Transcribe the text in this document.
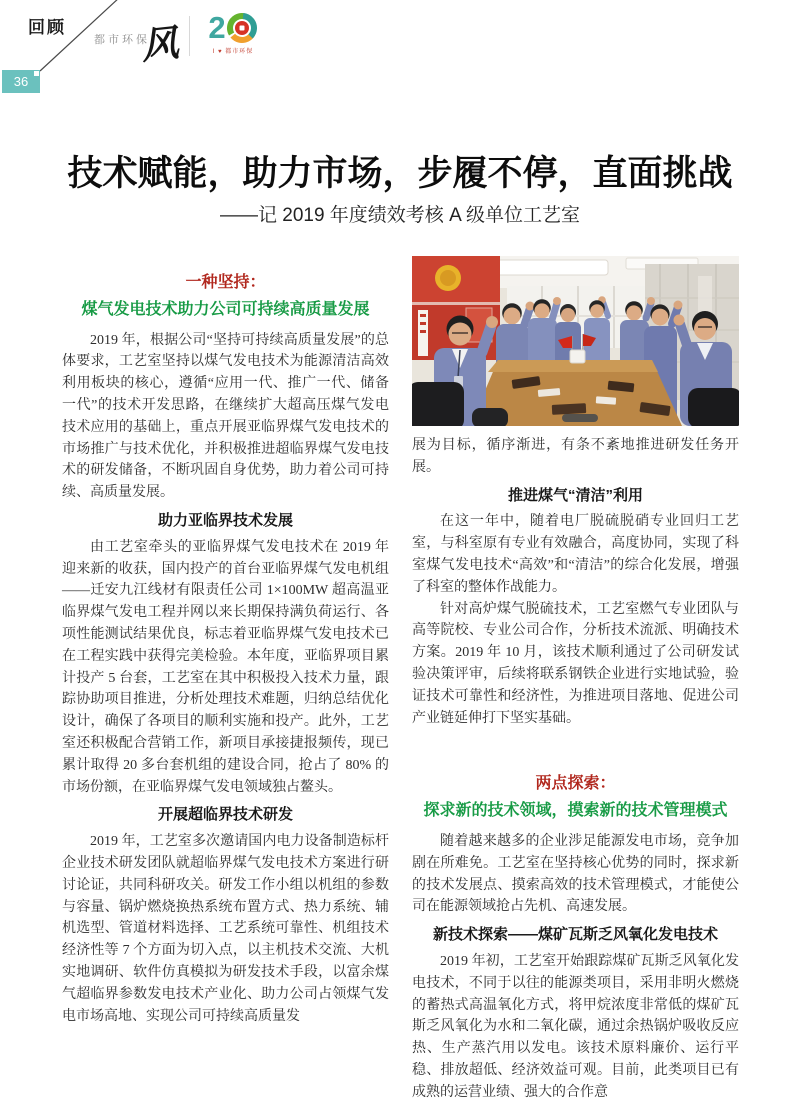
回顾
都市环保
风 2
I ♥ 都市环保
36
技术赋能，助力市场，步履不停，直面挑战
——记 2019 年度绩效考核 A 级单位工艺室

一种坚持：

煤气发电技术助力公司可持续高质量发展

2019 年，根据公司“坚持可持续高质量发展”的总体要求，工艺室坚持以煤气发电技术为能源清洁高效利用板块的核心，遵循“应用一代、推广一代、储备一代”的技术开发思路，在继续扩大超高压煤气发电技术应用的基础上，重点开展亚临界煤气发电技术的市场推广与技术优化，并积极推进超临界煤气发电技术的研发储备，不断巩固自身优势，助力着公司可持续、高质量发展。

助力亚临界技术发展

由工艺室牵头的亚临界煤气发电技术在 2019 年迎来新的收获，国内投产的首台亚临界煤气发电机组——迁安九江线材有限责任公司 1×100MW 超高温亚临界煤气发电工程并网以来长期保持满负荷运行、各项性能测试结果优良，标志着亚临界煤气发电技术已在工程实践中获得完美检验。本年度，亚临界项目累计投产 5 台套，工艺室在其中积极投入技术力量，跟踪协助项目推进，分析处理技术难题，归纳总结优化设计，确保了各项目的顺利实施和投产。此外，工艺室还积极配合营销工作，新项目承接捷报频传，现已累计取得 20 多台套机组的建设合同，抢占了 80% 的市场份额，在亚临界煤气发电领域独占鳌头。

开展超临界技术研发

2019 年，工艺室多次邀请国内电力设备制造标杆企业技术研发团队就超临界煤气发电技术方案进行研讨论证，共同科研攻关。研发工作小组以机组的参数与容量、锅炉燃烧换热系统布置方式、热力系统、辅机选型、管道材料选择、工艺系统可靠性、机组技术经济性等 7 个方面为切入点，以主机技术交流、大机实地调研、软件仿真模拟为研发技术手段，以富余煤气超临界参数发电技术产业化、助力公司占领煤气发电市场高地、实现公司可持续高质量发

展为目标，循序渐进，有条不紊地推进研发任务开展。

推进煤气“清洁”利用

在这一年中，随着电厂脱硫脱硝专业回归工艺室，与科室原有专业有效融合，高度协同，实现了科室煤气发电技术“高效”和“清洁”的综合化发展，增强了科室的整体作战能力。

针对高炉煤气脱硫技术，工艺室燃气专业团队与高等院校、专业公司合作，分析技术流派、明确技术方案。2019 年 10 月，该技术顺利通过了公司研发试验决策评审，后续将联系钢铁企业进行实地试验，验证技术可靠性和经济性，为推进项目落地、促进公司产业链延伸打下坚实基础。

两点探索：

探求新的技术领域，摸索新的技术管理模式

随着越来越多的企业涉足能源发电市场，竞争加剧在所难免。工艺室在坚持核心优势的同时，探求新的技术发展点、摸索高效的技术管理模式，才能使公司在能源领域抢占先机、高速发展。

新技术探索——煤矿瓦斯乏风氧化发电技术

2019 年初，工艺室开始跟踪煤矿瓦斯乏风氧化发电技术，不同于以往的能源类项目，采用非明火燃烧的蓄热式高温氧化方式，将甲烷浓度非常低的煤矿瓦斯乏风氧化为水和二氧化碳，通过余热锅炉吸收反应热、生产蒸汽用以发电。该技术原料廉价、运行平稳、排放超低、经济效益可观。目前，此类项目已有成熟的运营业绩、强大的合作意
